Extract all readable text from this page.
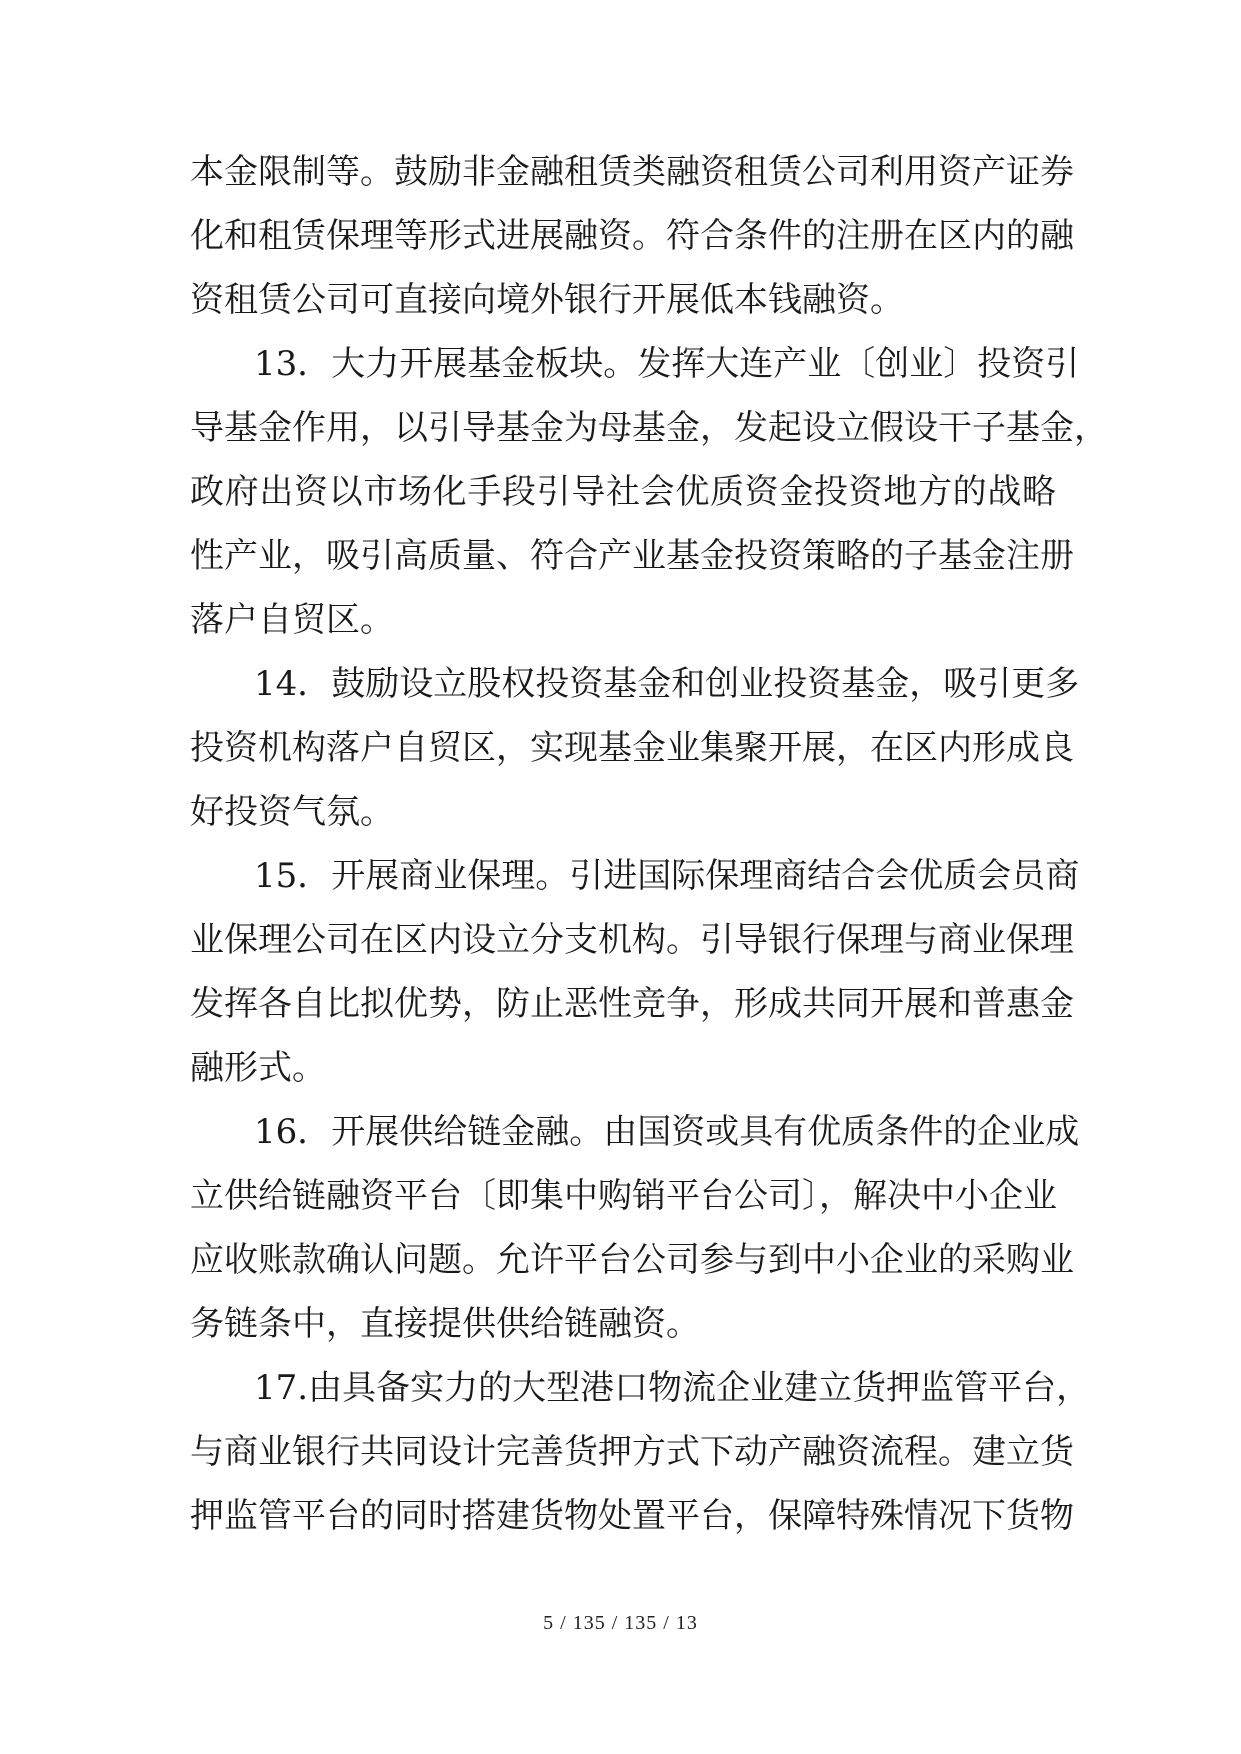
本金限制等。鼓励非金融租赁类融资租赁公司利用资产证券
化和租赁保理等形式进展融资。符合条件的注册在区内的融
资租赁公司可直接向境外银行开展低本钱融资。
13．大力开展基金板块。发挥大连产业〔创业〕投资引
导基金作用，以引导基金为母基金，发起设立假设干子基金，
政府出资以市场化手段引导社会优质资金投资地方的战略
性产业，吸引高质量、符合产业基金投资策略的子基金注册
落户自贸区。
14．鼓励设立股权投资基金和创业投资基金，吸引更多
投资机构落户自贸区，实现基金业集聚开展，在区内形成良
好投资气氛。
15．开展商业保理。引进国际保理商结合会优质会员商
业保理公司在区内设立分支机构。引导银行保理与商业保理
发挥各自比拟优势，防止恶性竞争，形成共同开展和普惠金
融形式。
16．开展供给链金融。由国资或具有优质条件的企业成
立供给链融资平台〔即集中购销平台公司〕，解决中小企业
应收账款确认问题。允许平台公司参与到中小企业的采购业
务链条中，直接提供供给链融资。
17.由具备实力的大型港口物流企业建立货押监管平台，
与商业银行共同设计完善货押方式下动产融资流程。建立货
押监管平台的同时搭建货物处置平台，保障特殊情况下货物
5 / 135 / 135 / 13
